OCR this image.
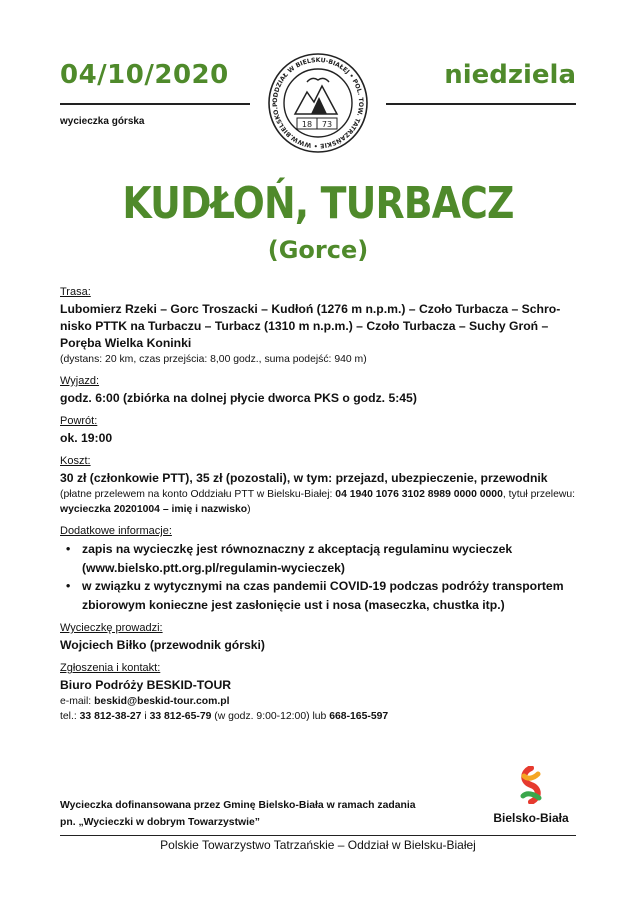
04/10/2020	niedziela
wycieczka górska
ODDZIAŁ W BIELSKU-BIAŁEJ • POL. TOW. TATRZAŃSKIE • WWW.BIELSKO.P
18 73
KUDŁOŃ, TURBACZ
(Gorce)
Trasa:
Lubomierz Rzeki – Gorc Troszacki – Kudłoń (1276 m n.p.m.) – Czoło Turbacza – Schro-nisko PTTK na Turbaczu – Turbacz (1310 m n.p.m.) – Czoło Turbacza – Suchy Groń – Poręba Wielka Koninki
(dystans: 20 km, czas przejścia: 8,00 godz., suma podejść: 940 m)
Wyjazd:
godz. 6:00 (zbiórka na dolnej płycie dworca PKS o godz. 5:45)
Powrót:
ok. 19:00
Koszt:
30 zł (członkowie PTT), 35 zł (pozostali), w tym: przejazd, ubezpieczenie, przewodnik
(płatne przelewem na konto Oddziału PTT w Bielsku-Białej: 04 1940 1076 3102 8989 0000 0000, tytuł przelewu: wycieczka 20201004 – imię i nazwisko)
Dodatkowe informacje:
• zapis na wycieczkę jest równoznaczny z akceptacją regulaminu wycieczek (www.bielsko.ptt.org.pl/regulamin-wycieczek)
• w związku z wytycznymi na czas pandemii COVID-19 podczas podróży transportem zbiorowym konieczne jest zasłonięcie ust i nosa (maseczka, chustka itp.)
Wycieczkę prowadzi:
Wojciech Biłko (przewodnik górski)
Zgłoszenia i kontakt:
Biuro Podróży BESKID-TOUR
e-mail: beskid@beskid-tour.com.pl
tel.: 33 812-38-27 i 33 812-65-79 (w godz. 9:00-12:00) lub 668-165-597
Wycieczka dofinansowana przez Gminę Bielsko-Biała w ramach zadania
pn. „Wycieczki w dobrym Towarzystwie”	Bielsko-Biała
Polskie Towarzystwo Tatrzańskie – Oddział w Bielsku-Białej
